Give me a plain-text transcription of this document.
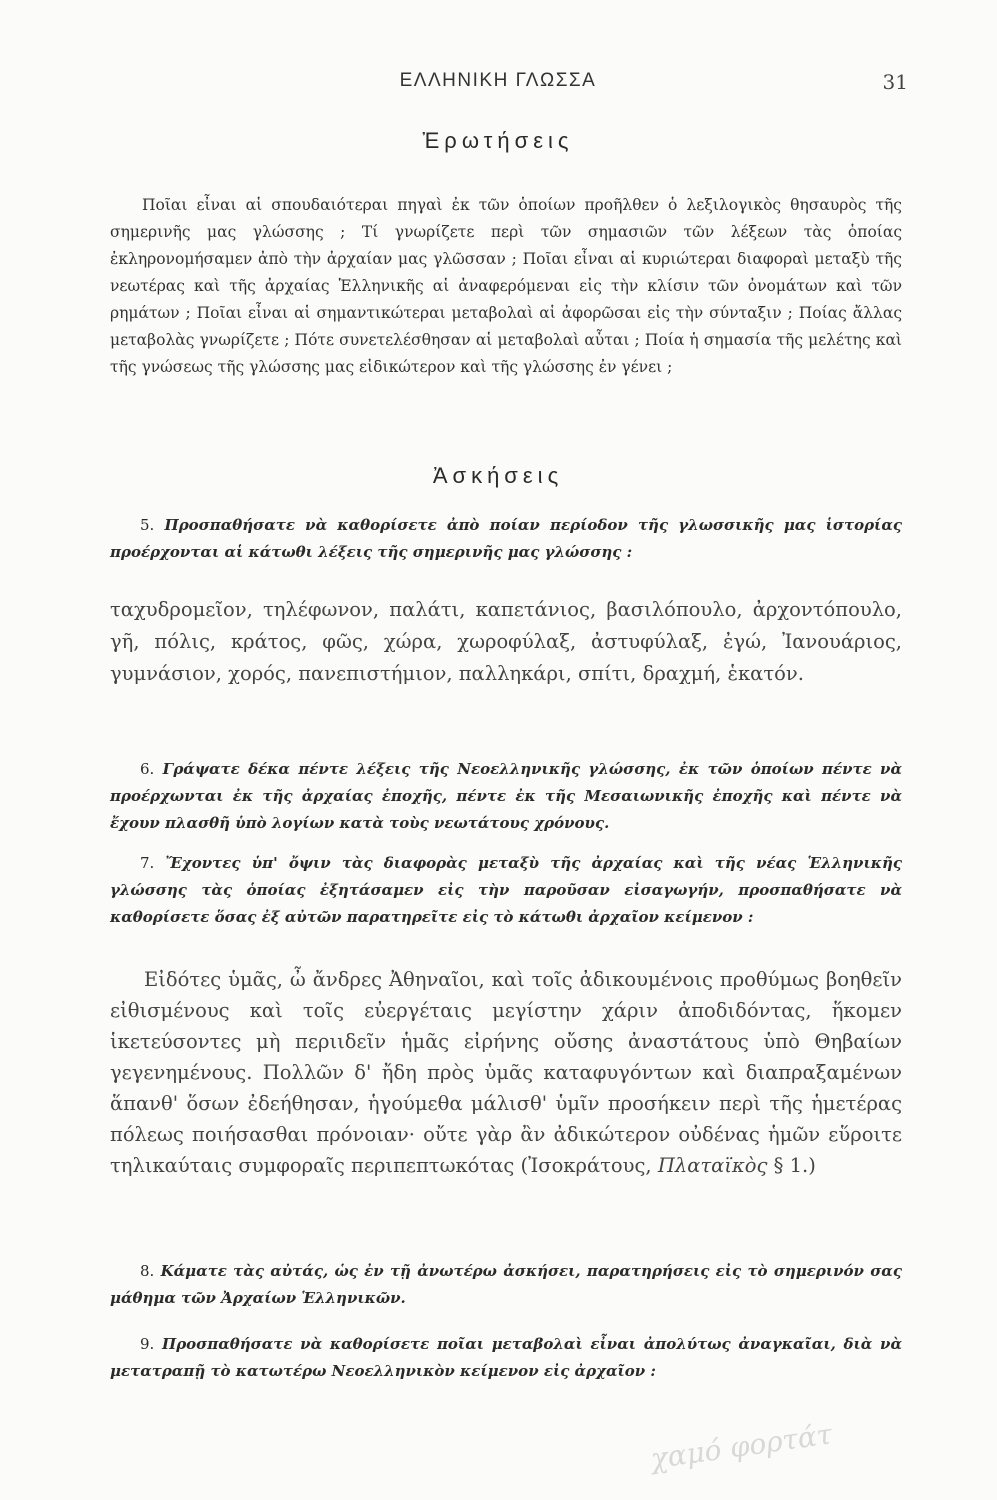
ΕΛΛΗΝΙΚΗ ΓΛΩΣΣΑ	31
Ἐρωτήσεις

Ποῖαι εἶναι αἱ σπουδαιότεραι πηγαὶ ἐκ τῶν ὁποίων προῆλθεν ὁ λεξιλογικὸς θησαυρὸς τῆς σημερινῆς μας γλώσσης ; Τί γνωρίζετε περὶ τῶν σημασιῶν τῶν λέξεων τὰς ὁποίας ἐκληρονομήσαμεν ἀπὸ τὴν ἀρχαίαν μας γλῶσσαν ; Ποῖαι εἶναι αἱ κυριώτεραι διαφοραὶ μεταξὺ τῆς νεωτέρας καὶ τῆς ἀρχαίας Ἑλληνικῆς αἱ ἀναφερόμεναι εἰς τὴν κλίσιν τῶν ὀνομάτων καὶ τῶν ρημάτων ; Ποῖαι εἶναι αἱ σημαντικώτεραι μεταβολαὶ αἱ ἀφορῶσαι εἰς τὴν σύνταξιν ; Ποίας ἄλλας μεταβολὰς γνωρίζετε ; Πότε συνετελέσθησαν αἱ μεταβολαὶ αὗται ; Ποία ἡ σημασία τῆς μελέτης καὶ τῆς γνώσεως τῆς γλώσσης μας εἰδικώτερον καὶ τῆς γλώσσης ἐν γένει ;

Ἀσκήσεις

5. Προσπαθήσατε νὰ καθορίσετε ἀπὸ ποίαν περίοδον τῆς γλωσσικῆς μας ἱστορίας προέρχονται αἱ κάτωθι λέξεις τῆς σημερινῆς μας γλώσσης :

ταχυδρομεῖον, τηλέφωνον, παλάτι, καπετάνιος, βασιλόπουλο, ἀρχοντόπουλο, γῆ, πόλις, κράτος, φῶς, χώρα, χωροφύλαξ, ἀστυφύλαξ, ἐγώ, Ἰανουάριος, γυμνάσιον, χορός, πανεπιστήμιον, παλληκάρι, σπίτι, δραχμή, ἑκατόν.

6. Γράψατε δέκα πέντε λέξεις τῆς Νεοελληνικῆς γλώσσης, ἐκ τῶν ὁποίων πέντε νὰ προέρχωνται ἐκ τῆς ἀρχαίας ἐποχῆς, πέντε ἐκ τῆς Μεσαιωνικῆς ἐποχῆς καὶ πέντε νὰ ἔχουν πλασθῆ ὑπὸ λογίων κατὰ τοὺς νεωτάτους χρόνους.

7. Ἔχοντες ὑπ' ὄψιν τὰς διαφορὰς μεταξὺ τῆς ἀρχαίας καὶ τῆς νέας Ἑλληνικῆς γλώσσης τὰς ὁποίας ἐξητάσαμεν εἰς τὴν παροῦσαν εἰσαγωγήν, προσπαθήσατε νὰ καθορίσετε ὅσας ἐξ αὐτῶν παρατηρεῖτε εἰς τὸ κάτωθι ἀρχαῖον κείμενον :

Εἰδότες ὑμᾶς, ὦ ἄνδρες Ἀθηναῖοι, καὶ τοῖς ἀδικουμένοις προθύμως βοηθεῖν εἰθισμένους καὶ τοῖς εὐεργέταις μεγίστην χάριν ἀποδιδόντας, ἥκομεν ἱκετεύσοντες μὴ περιιδεῖν ἡμᾶς εἰρήνης οὔσης ἀναστάτους ὑπὸ Θηβαίων γεγενημένους. Πολλῶν δ' ἤδη πρὸς ὑμᾶς καταφυγόντων καὶ διαπραξαμένων ἅπανθ' ὅσων ἐδεήθησαν, ἡγούμεθα μάλισθ' ὑμῖν προσήκειν περὶ τῆς ἡμετέρας πόλεως ποιήσασθαι πρόνοιαν· οὔτε γὰρ ἂν ἀδικώτερον οὐδένας ἡμῶν εὕροιτε τηλικαύταις συμφοραῖς περιπεπτωκότας (Ἰσοκράτους, Πλαταϊκὸς § 1.)

8. Κάματε τὰς αὐτάς, ὡς ἐν τῇ ἀνωτέρω ἀσκήσει, παρατηρήσεις εἰς τὸ σημερινόν σας μάθημα τῶν Ἀρχαίων Ἑλληνικῶν.

9. Προσπαθήσατε νὰ καθορίσετε ποῖαι μεταβολαὶ εἶναι ἀπολύτως ἀναγκαῖαι, διὰ νὰ μετατραπῇ τὸ κατωτέρω Νεοελληνικὸν κείμενον εἰς ἀρχαῖον :

χαμό φορτάτ
